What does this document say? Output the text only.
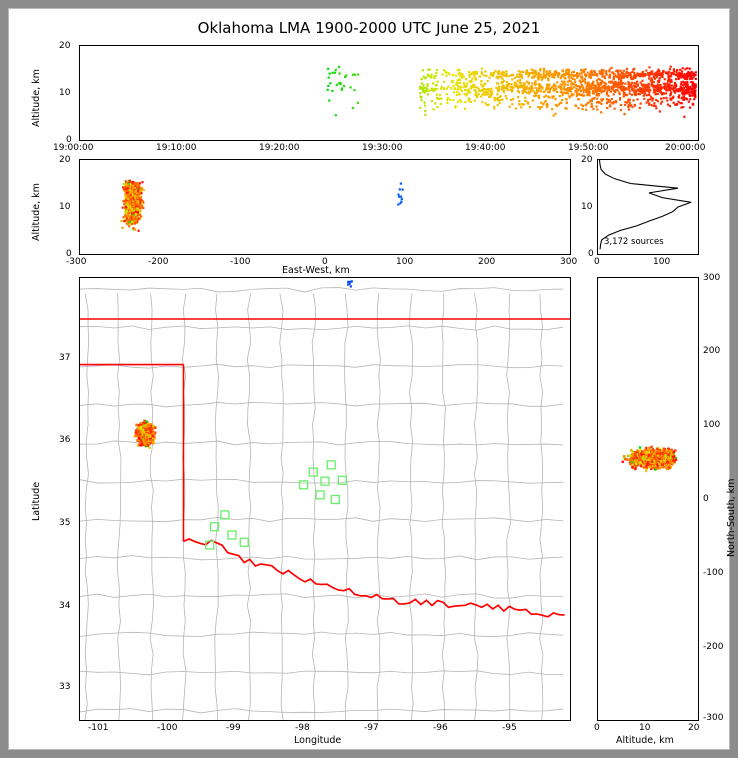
Oklahoma LMA 1900-2000 UTC June 25, 2021
Altitude, km
20
10
0
19:00:00	19:10:00	19:20:00	19:30:00	19:40:00	19:50:00	20:00:00
Altitude, km
20
10
0
-300	-200	-100	0	100	200	300
East-West, km
3,172 sources
20
10
0
0	100
Latitude
33
34
35
36
37
-101	-100	-99	-98	-97	-96	-95
Longitude
300
200
100
0
-100
-200
-300
North-South, km
0	10	20
Altitude, km
